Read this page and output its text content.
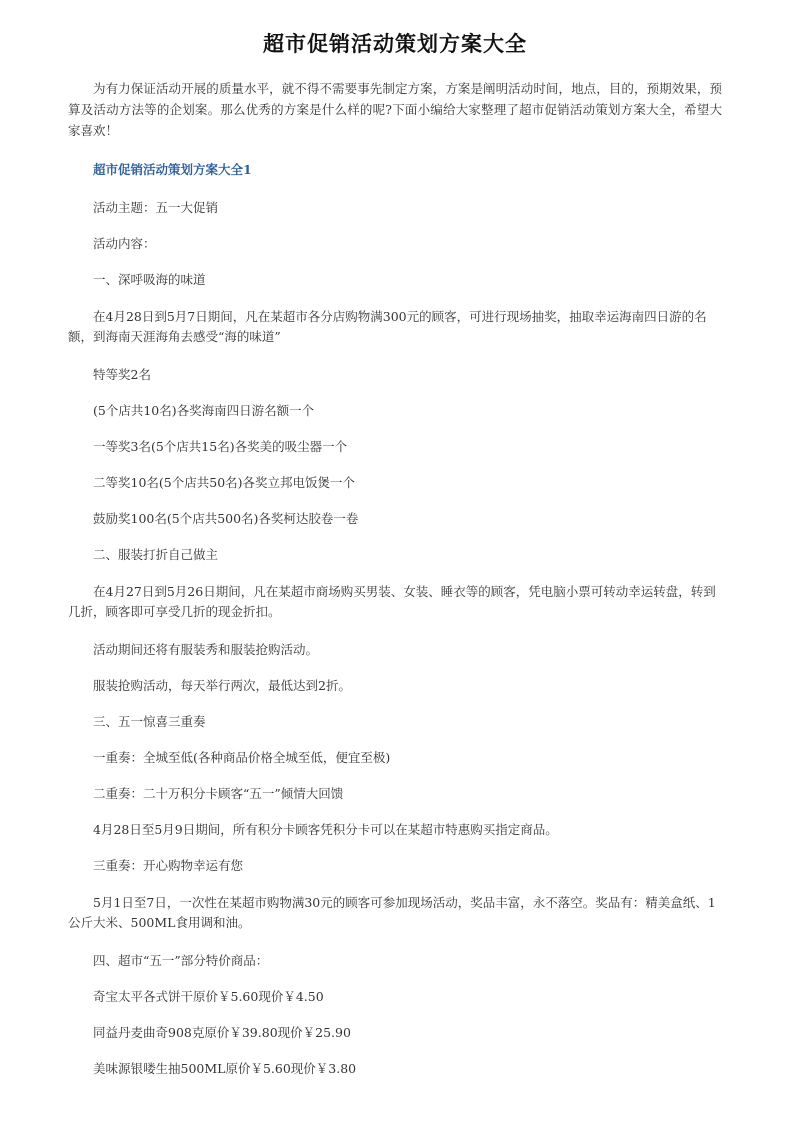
超市促销活动策划方案大全

为有力保证活动开展的质量水平，就不得不需要事先制定方案，方案是阐明活动时间，地点，目的，预期效果，预算及活动方法等的企划案。那么优秀的方案是什么样的呢?下面小编给大家整理了超市促销活动策划方案大全，希望大家喜欢！

超市促销活动策划方案大全1

活动主题：五一大促销

活动内容：

一、深呼吸海的味道

在4月28日到5月7日期间，凡在某超市各分店购物满300元的顾客，可进行现场抽奖，抽取幸运海南四日游的名额，到海南天涯海角去感受“海的味道”

特等奖2名

(5个店共10名)各奖海南四日游名额一个

一等奖3名(5个店共15名)各奖美的吸尘器一个

二等奖10名(5个店共50名)各奖立邦电饭煲一个

鼓励奖100名(5个店共500名)各奖柯达胶卷一卷

二、服装打折自己做主

在4月27日到5月26日期间，凡在某超市商场购买男装、女装、睡衣等的顾客，凭电脑小票可转动幸运转盘，转到几折，顾客即可享受几折的现金折扣。

活动期间还将有服装秀和服装抢购活动。

服装抢购活动，每天举行两次，最低达到2折。

三、五一惊喜三重奏

一重奏：全城至低(各种商品价格全城至低，便宜至极)

二重奏：二十万积分卡顾客“五一”倾情大回馈

4月28日至5月9日期间，所有积分卡顾客凭积分卡可以在某超市特惠购买指定商品。

三重奏：开心购物幸运有您

5月1日至7日，一次性在某超市购物满30元的顾客可参加现场活动，奖品丰富，永不落空。奖品有：精美盒纸、1公斤大米、500ML食用调和油。

四、超市“五一”部分特价商品：

奇宝太平各式饼干原价￥5.60现价￥4.50

同益丹麦曲奇908克原价￥39.80现价￥25.90

美味源银喽生抽500ML原价￥5.60现价￥3.80
